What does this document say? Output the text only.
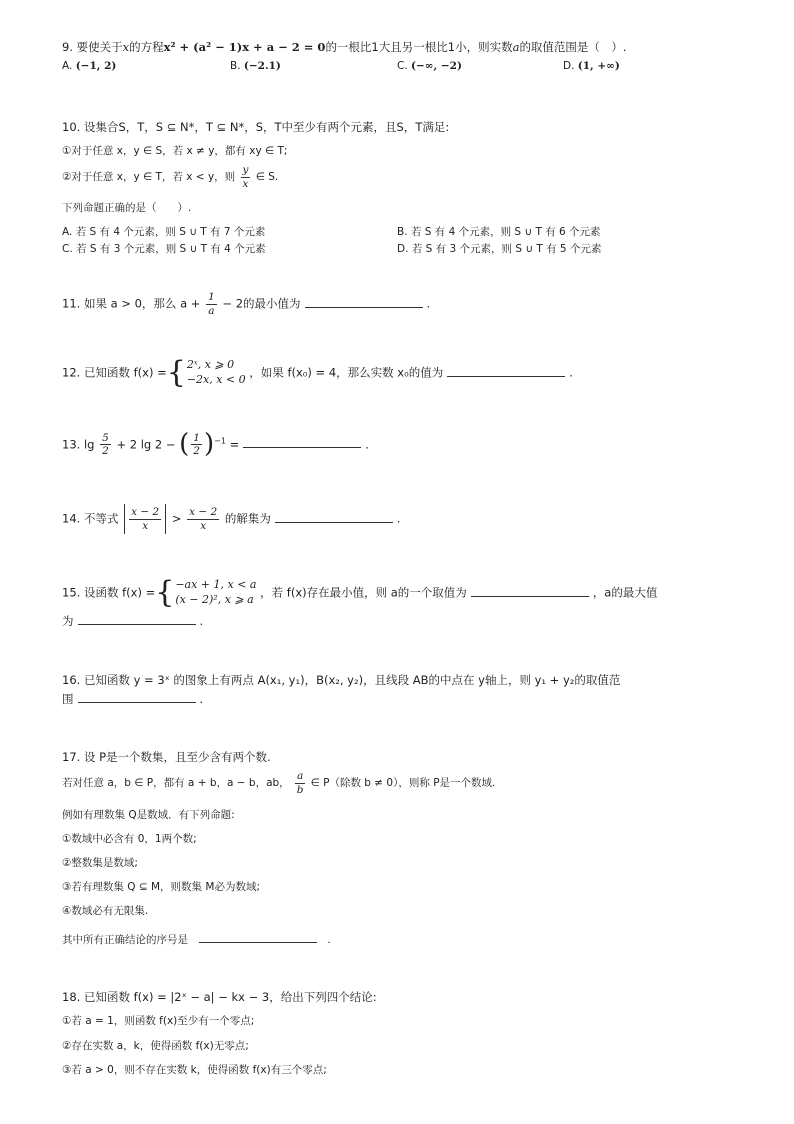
9. 要使关于x的方程x² + (a² − 1)x + a − 2 = 0的一根比1大且另一根比1小，则实数a的取值范围是（　）.
A. (−1, 2)	B. (−2.1)	C. (−∞, −2)	D. (1, +∞)
10. 设集合S，T，S ⊆ N*，T ⊆ N*，S，T中至少有两个元素，且S，T满足:
①对于任意 x，y ∈ S，若 x ≠ y，都有 xy ∈ T;
②对于任意 x，y ∈ T，若 x < y，则 $\frac{y}{x}$ ∈ S.
下列命题正确的是（　　）.
A. 若 S 有 4 个元素，则 S ∪ T 有 7 个元素	B. 若 S 有 4 个元素，则 S ∪ T 有 6 个元素
C. 若 S 有 3 个元素，则 S ∪ T 有 4 个元素	D. 若 S 有 3 个元素，则 S ∪ T 有 5 个元素
11. 如果 a > 0，那么 $a + \frac{1}{a} - 2$的最小值为	.
12. 已知函数 f(x) ={2ˣ, x ⩾ 0
−2x, x < 0 ，如果 f(x₀) = 4，那么实数 x₀的值为	.
13. $\lg \frac{5}{2} + 2$ lg 2 − ( $\frac{1}{2} )^{-1}$ =	.
14. 不等式 $\frac{x - 2}{x} > \frac{x - 2}{x}$ 的解集为	.
15. 设函数 f(x) ={−ax + 1, x < a
(x − 2)², x ⩾ a ，若 f(x)存在最小值，则 a的一个取值为	，a的最大值
为	.
16. 已知函数 y = 3ˣ 的图象上有两点 A(x₁, y₁)，B(x₂, y₂)，且线段 AB的中点在 y轴上，则 y₁ + y₂的取值范
围	.
17. 设 P是一个数集，且至少含有两个数.
若对任意 a，b ∈ P，都有 a + b，a − b，ab， $\frac{a}{b}$ ∈ P（除数 b ≠ 0），则称 P是一个数域.
例如有理数集 Q是数域．有下列命题:
①数域中必含有 0，1两个数;
②整数集是数域;
③若有理数集 Q ⊆ M，则数集 M必为数域;
④数域必有无限集.
其中所有正确结论的序号是	.
18. 已知函数 f(x) = |2ˣ − a| − kx − 3，给出下列四个结论:
①若 a = 1，则函数 f(x)至少有一个零点;
②存在实数 a，k，使得函数 f(x)无零点;
③若 a > 0，则不存在实数 k，使得函数 f(x)有三个零点;
